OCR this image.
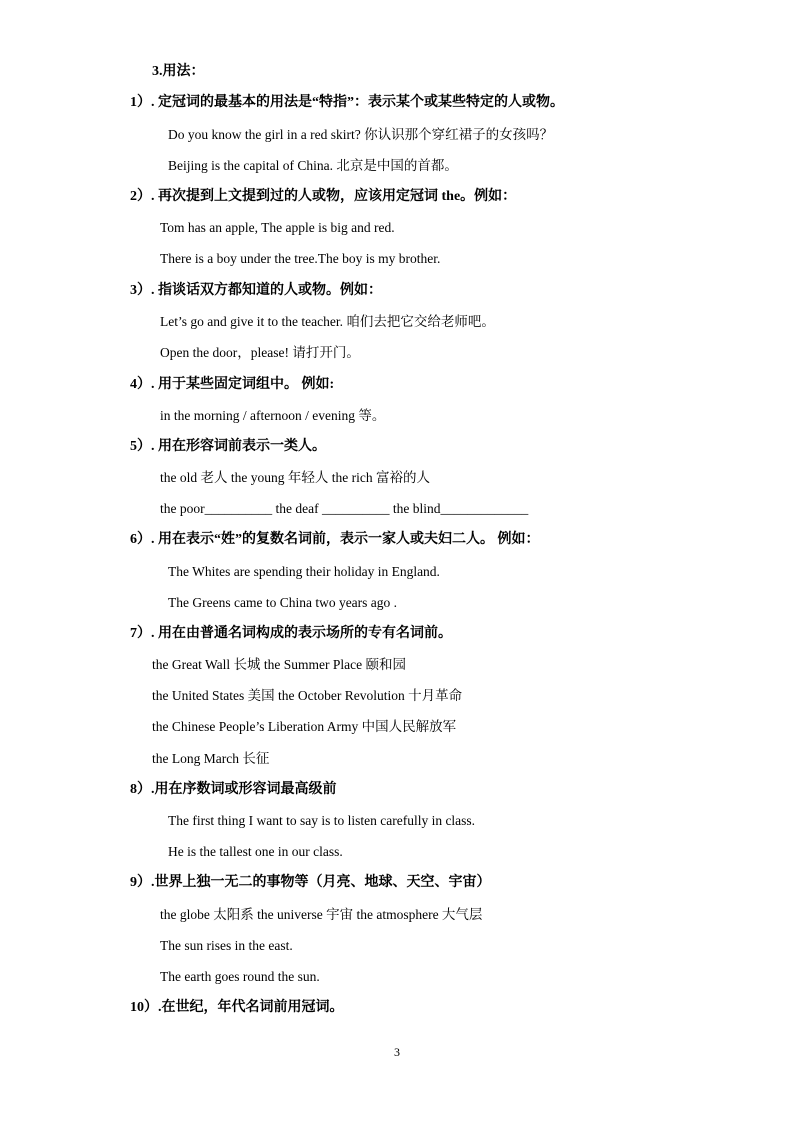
3.用法：
1）. 定冠词的最基本的用法是“特指”：表示某个或某些特定的人或物。
Do you know the girl in a red skirt? 你认识那个穿红裙子的女孩吗？
Beijing is the capital of China. 北京是中国的首都。
2）. 再次提到上文提到过的人或物，应该用定冠词 the。例如：
Tom has an apple, The apple is big and red.
There is a boy under the tree.The boy is my brother.
3）. 指谈话双方都知道的人或物。例如：
Let’s go and give it to the teacher. 咱们去把它交给老师吧。
Open the door，please! 请打开门。
4）. 用于某些固定词组中。 例如:
in the morning / afternoon / evening 等。
5）. 用在形容词前表示一类人。
the old 老人 the young 年轻人 the rich 富裕的人
the poor__________ the deaf __________ the blind_____________
6）. 用在表示“姓”的复数名词前，表示一家人或夫妇二人。 例如：
The Whites are spending their holiday in England.
The Greens came to China two years ago .
7）. 用在由普通名词构成的表示场所的专有名词前。
the Great Wall 长城 the Summer Place 颐和园
the United States 美国 the October Revolution 十月革命
the Chinese People’s Liberation Army 中国人民解放军
the Long March 长征
8）.用在序数词或形容词最高级前
The first thing I want to say is to listen carefully in class.
He is the tallest one in our class.
9）.世界上独一无二的事物等（月亮、地球、天空、宇宙）
the globe 太阳系 the universe 宇宙 the atmosphere 大气层
The sun rises in the east.
The earth goes round the sun.
10）.在世纪，年代名词前用冠词。
3
